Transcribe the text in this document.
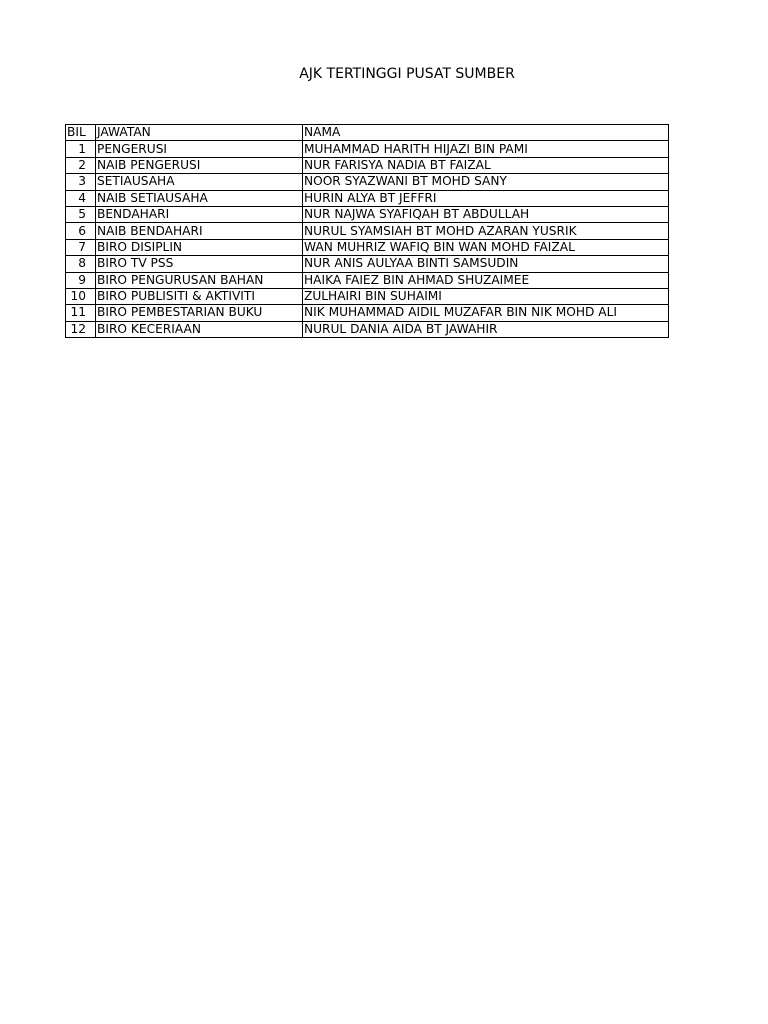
AJK TERTINGGI PUSAT SUMBER
BIL	JAWATAN	NAMA
1	PENGERUSI	MUHAMMAD HARITH HIJAZI BIN PAMI
2	NAIB PENGERUSI	NUR FARISYA NADIA BT FAIZAL
3	SETIAUSAHA	NOOR SYAZWANI BT MOHD SANY
4	NAIB SETIAUSAHA	HURIN ALYA BT JEFFRI
5	BENDAHARI	NUR NAJWA SYAFIQAH BT ABDULLAH
6	NAIB BENDAHARI	NURUL SYAMSIAH BT MOHD AZARAN YUSRIK
7	BIRO DISIPLIN	WAN MUHRIZ WAFIQ BIN WAN MOHD FAIZAL
8	BIRO TV PSS	NUR ANIS AULYAA BINTI SAMSUDIN
9	BIRO PENGURUSAN BAHAN	HAIKA FAIEZ BIN AHMAD SHUZAIMEE
10	BIRO PUBLISITI & AKTIVITI	ZULHAIRI BIN SUHAIMI
11	BIRO PEMBESTARIAN BUKU	NIK MUHAMMAD AIDIL MUZAFAR BIN NIK MOHD ALI
12	BIRO KECERIAAN	NURUL DANIA AIDA BT JAWAHIR
